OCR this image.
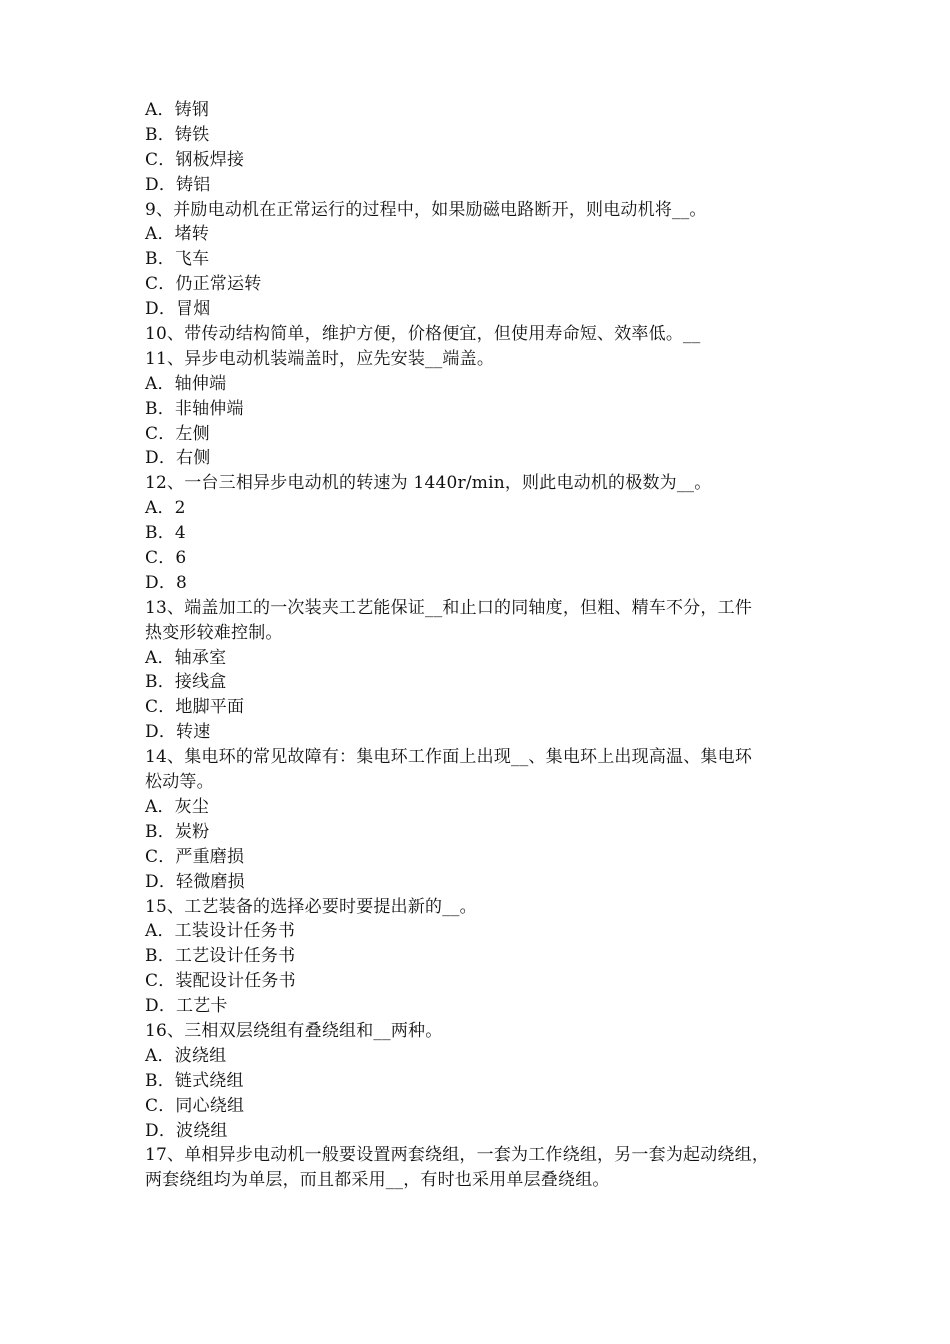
A．铸钢
B．铸铁
C．钢板焊接
D．铸铝
9、并励电动机在正常运行的过程中，如果励磁电路断开，则电动机将__。
A．堵转
B．飞车
C．仍正常运转
D．冒烟
10、带传动结构简单，维护方便，价格便宜，但使用寿命短、效率低。__
11、异步电动机装端盖时，应先安装__端盖。
A．轴伸端
B．非轴伸端
C．左侧
D．右侧
12、一台三相异步电动机的转速为 1440r/min，则此电动机的极数为__。
A．2
B．4
C．6
D．8
13、端盖加工的一次装夹工艺能保证__和止口的同轴度，但粗、精车不分，工件
热变形较难控制。
A．轴承室
B．接线盒
C．地脚平面
D．转速
14、集电环的常见故障有：集电环工作面上出现__、集电环上出现高温、集电环
松动等。
A．灰尘
B．炭粉
C．严重磨损
D．轻微磨损
15、工艺装备的选择必要时要提出新的__。
A．工装设计任务书
B．工艺设计任务书
C．装配设计任务书
D．工艺卡
16、三相双层绕组有叠绕组和__两种。
A．波绕组
B．链式绕组
C．同心绕组
D．波绕组
17、单相异步电动机一般要设置两套绕组，一套为工作绕组，另一套为起动绕组，
两套绕组均为单层，而且都采用__，有时也采用单层叠绕组。
